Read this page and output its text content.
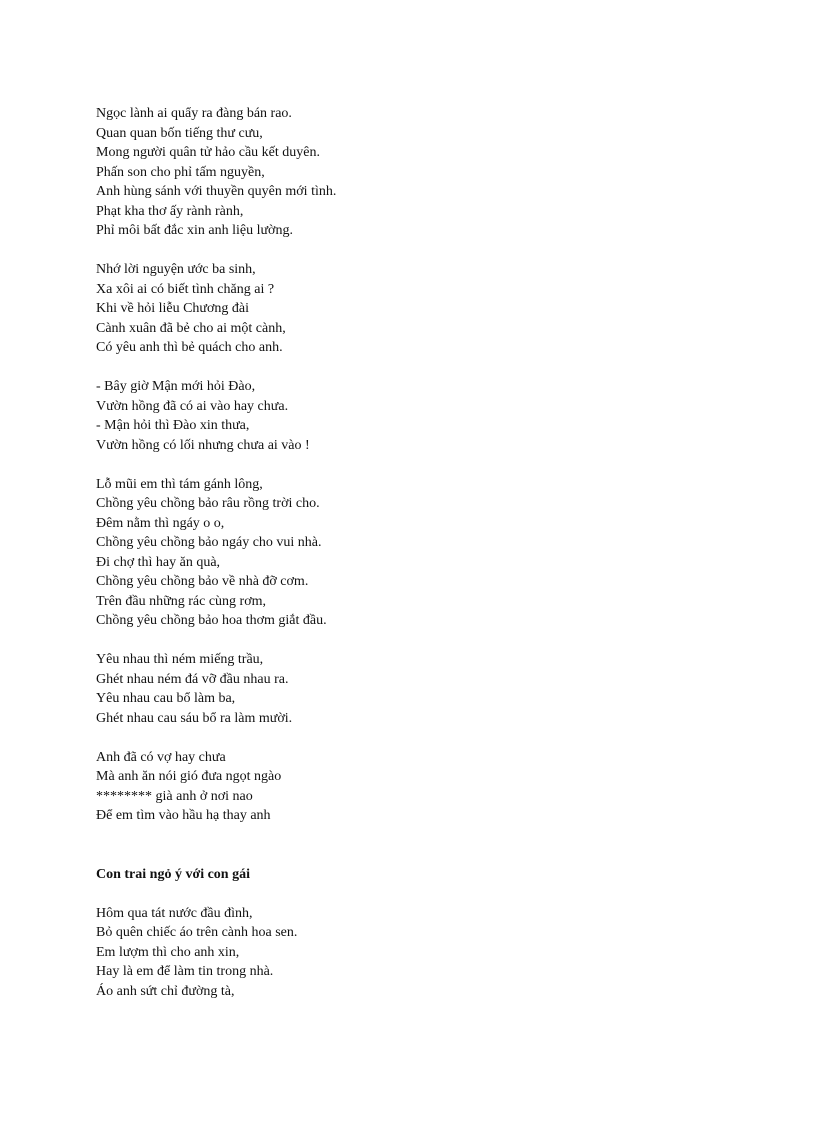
Ngọc lành ai quẩy ra đàng bán rao.
Quan quan bốn tiếng thư cưu,
Mong người quân tử hảo cầu kết duyên.
Phấn son cho phỉ tấm nguyền,
Anh hùng sánh với thuyền quyên mới tình.
Phạt kha thơ ấy rành rành,
Phỉ môi bất đắc xin anh liệu lường.
Nhớ lời nguyện ước ba sinh,
Xa xôi ai có biết tình chăng ai ?
Khi về hỏi liễu Chương đài
Cành xuân đã bẻ cho ai một cành,
Có yêu anh thì bẻ quách cho anh.
- Bây giờ Mận mới hỏi Đào,
Vườn hồng đã có ai vào hay chưa.
- Mận hỏi thì Đào xin thưa,
Vườn hồng có lối nhưng chưa ai vào !
Lỗ mũi em thì tám gánh lông,
Chồng yêu chồng bảo râu rồng trời cho.
Đêm nằm thì ngáy o o,
Chồng yêu chồng bảo ngáy cho vui nhà.
Đi chợ thì hay ăn quà,
Chồng yêu chồng bảo về nhà đỡ cơm.
Trên đầu những rác cùng rơm,
Chồng yêu chồng bảo hoa thơm giắt đầu.
Yêu nhau thì ném miếng trầu,
Ghét nhau ném đá vỡ đầu nhau ra.
Yêu nhau cau bổ làm ba,
Ghét nhau cau sáu bổ ra làm mười.
Anh đã có vợ hay chưa
Mà anh ăn nói gió đưa ngọt ngào
******** già anh ở nơi nao
Để em tìm vào hầu hạ thay anh
Con trai ngỏ ý với con gái
Hôm qua tát nước đầu đình,
Bỏ quên chiếc áo trên cành hoa sen.
Em lượm thì cho anh xin,
Hay là em để làm tin trong nhà.
Áo anh sứt chỉ đường tà,
